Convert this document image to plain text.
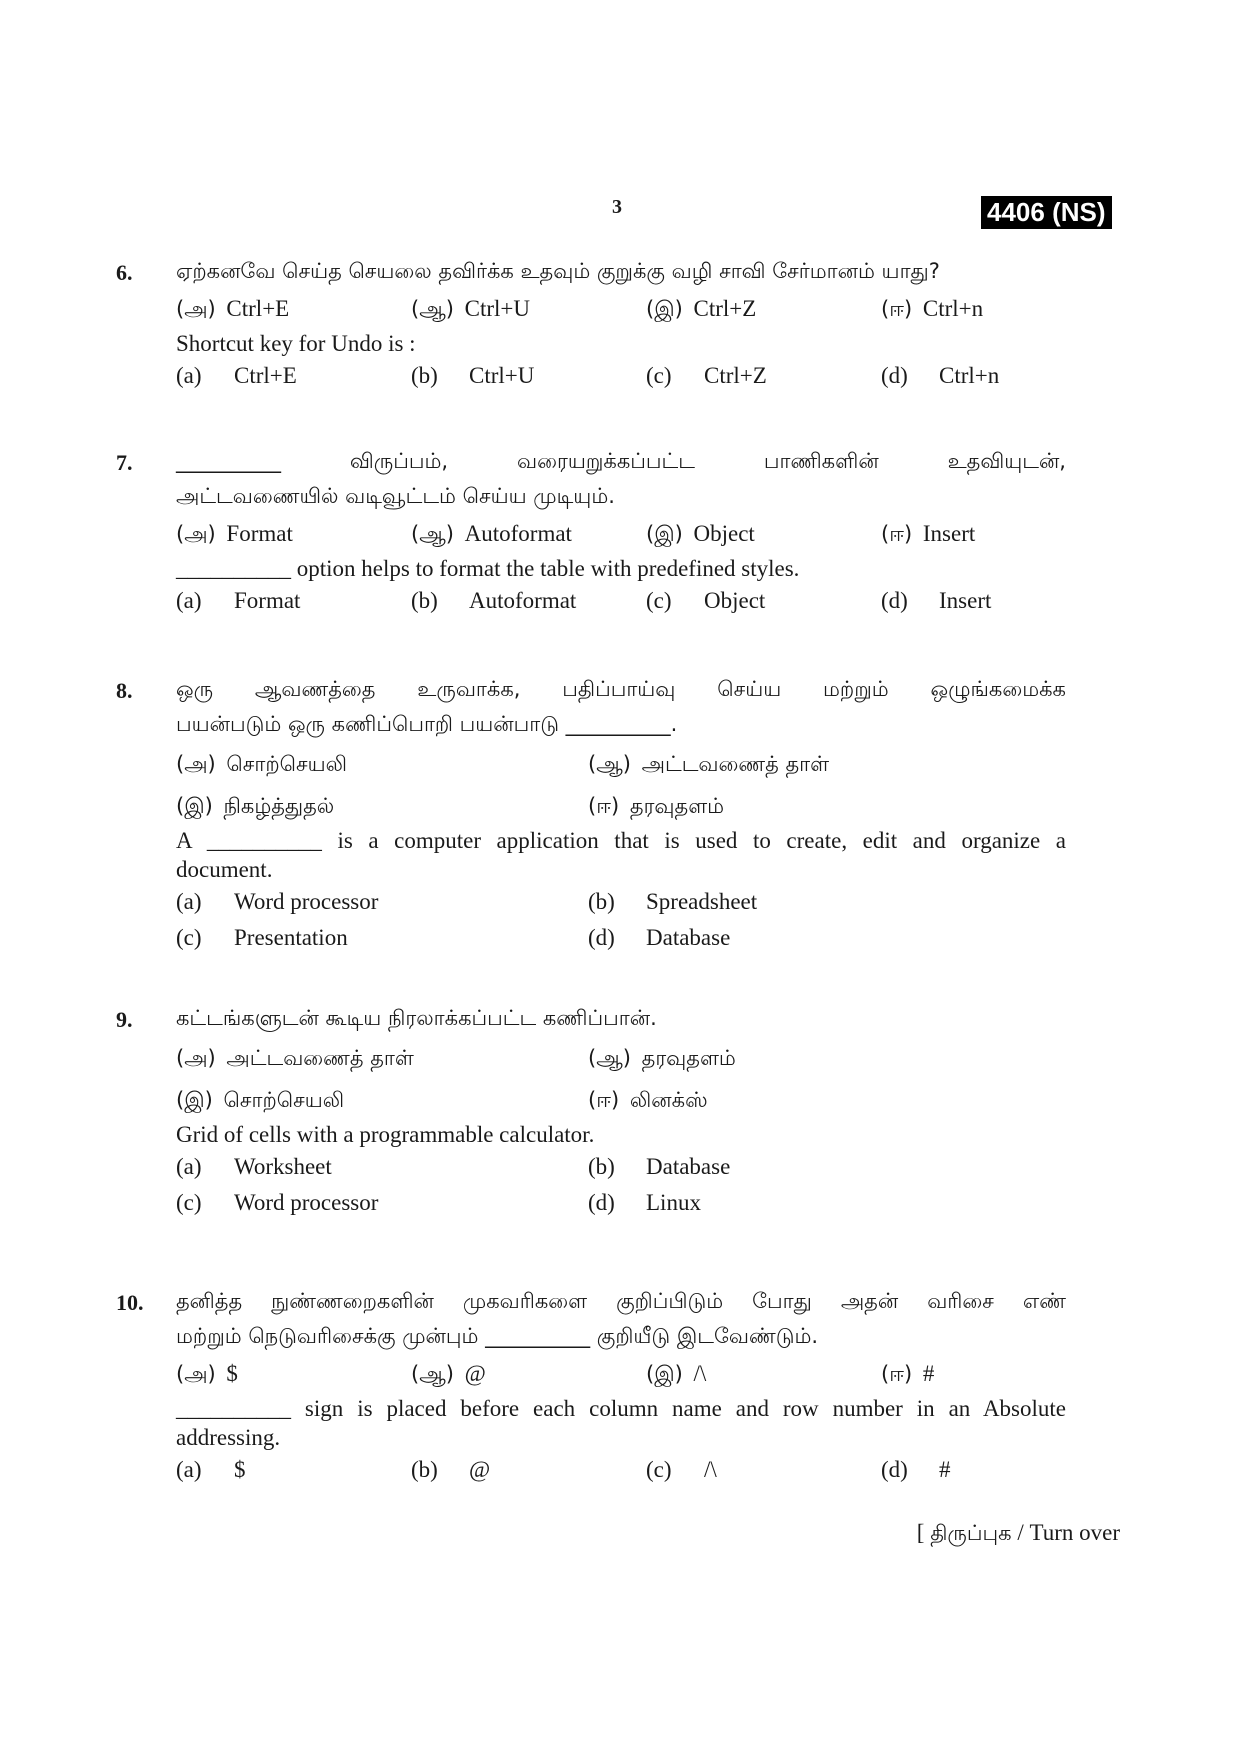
3	4406 (NS)
6. ஏற்கனவே செய்த செயலை தவிர்க்க உதவும் குறுக்கு வழி சாவி சேர்மானம் யாது?

(அ) Ctrl+E	(ஆ) Ctrl+U	(இ) Ctrl+Z	(ஈ) Ctrl+n

Shortcut key for Undo is :

(a) Ctrl+E	(b) Ctrl+U	(c) Ctrl+Z	(d) Ctrl+n
7. __________ விருப்பம், வரையறுக்கப்பட்ட பாணிகளின் உதவியுடன்,

அட்டவணையில் வடிவூட்டம் செய்ய முடியும்.

(அ) Format	(ஆ) Autoformat	(இ) Object	(ஈ) Insert

__________ option helps to format the table with predefined styles.

(a) Format	(b) Autoformat	(c) Object	(d) Insert
8. ஒரு ஆவணத்தை உருவாக்க, பதிப்பாய்வு செய்ய மற்றும் ஒழுங்கமைக்க

பயன்படும் ஒரு கணிப்பொறி பயன்பாடு __________.

(அ) சொற்செயலி	(ஆ) அட்டவணைத் தாள்
(இ) நிகழ்த்துதல்	(ஈ) தரவுதளம்

A __________ is a computer application that is used to create, edit and organize a

document.

(a) Word processor	(b) Spreadsheet
(c) Presentation	(d) Database
9. கட்டங்களுடன் கூடிய நிரலாக்கப்பட்ட கணிப்பான்.

(அ) அட்டவணைத் தாள்	(ஆ) தரவுதளம்
(இ) சொற்செயலி	(ஈ) லினக்ஸ்

Grid of cells with a programmable calculator.

(a) Worksheet	(b) Database
(c) Word processor	(d) Linux
10. தனித்த நுண்ணறைகளின் முகவரிகளை குறிப்பிடும் போது அதன் வரிசை எண்

மற்றும் நெடுவரிசைக்கு முன்பும் __________ குறியீடு இடவேண்டும்.

(அ) $	(ஆ) @	(இ) /\	(ஈ) #

__________ sign is placed before each column name and row number in an Absolute

addressing.

(a) $	(b) @	(c) /\	(d) #
[ திருப்புக / Turn over
